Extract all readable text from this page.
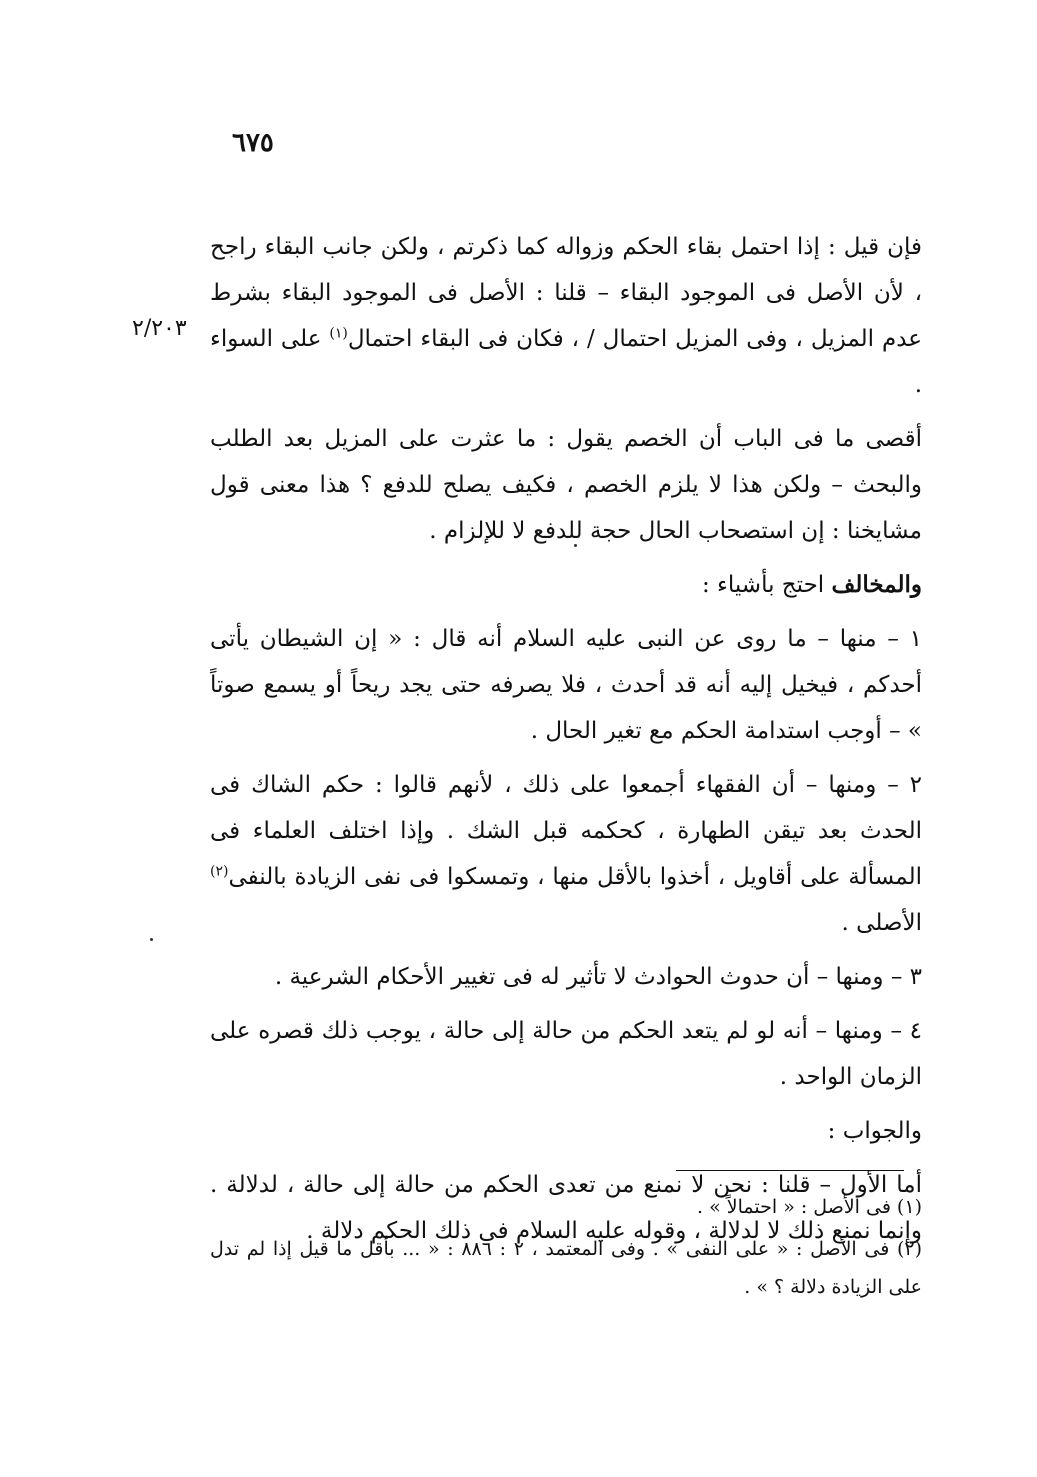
٦٧٥
٢/٢٠٣

فإن قيل : إذا احتمل بقاء الحكم وزواله كما ذكرتم ، ولكن جانب البقاء راجح ، لأن الأصل فى الموجود البقاء – قلنا : الأصل فى الموجود البقاء بشرط عدم المزيل ، وفى المزيل احتمال / ، فكان فى البقاء احتمال$^{(١)}$ على السواء .

أقصى ما فى الباب أن الخصم يقول : ما عثرت على المزيل بعد الطلب والبحث – ولكن هذا لا يلزم الخصم ، فكيف يصلح للدفع ؟ هذا معنى قول مشايخنا : إن استصحاب الحال حجة للدفع لا للإلزام .

والمخالف احتج بأشياء :

١ – منها – ما روى عن النبى عليه السلام أنه قال : « إن الشيطان يأتى أحدكم ، فيخيل إليه أنه قد أحدث ، فلا يصرفه حتى يجد ريحاً أو يسمع صوتاً » – أوجب استدامة الحكم مع تغير الحال .

٢ – ومنها – أن الفقهاء أجمعوا على ذلك ، لأنهم قالوا : حكم الشاك فى الحدث بعد تيقن الطهارة ، كحكمه قبل الشك . وإذا اختلف العلماء فى المسألة على أقاويل ، أخذوا بالأقل منها ، وتمسكوا فى نفى الزيادة بالنفى$^{(٢)}$ الأصلى .

٣ – ومنها – أن حدوث الحوادث لا تأثير له فى تغيير الأحكام الشرعية .

٤ – ومنها – أنه لو لم يتعد الحكم من حالة إلى حالة ، يوجب ذلك قصره على الزمان الواحد .

والجواب :

أما الأول – قلنا : نحن لا نمنع من تعدى الحكم من حالة إلى حالة ، لدلالة . وإنما نمنع ذلك لا لدلالة ، وقوله عليه السلام فى ذلك الحكم دلالة .

(١) فى الأصل : « احتمالاً » .

(٢) فى الأصل : « على النفى » . وفى المعتمد ، ٢ : ٨٨٦ : « ... بأقل ما قيل إذا لم تدل على الزيادة دلالة ؟ » .
